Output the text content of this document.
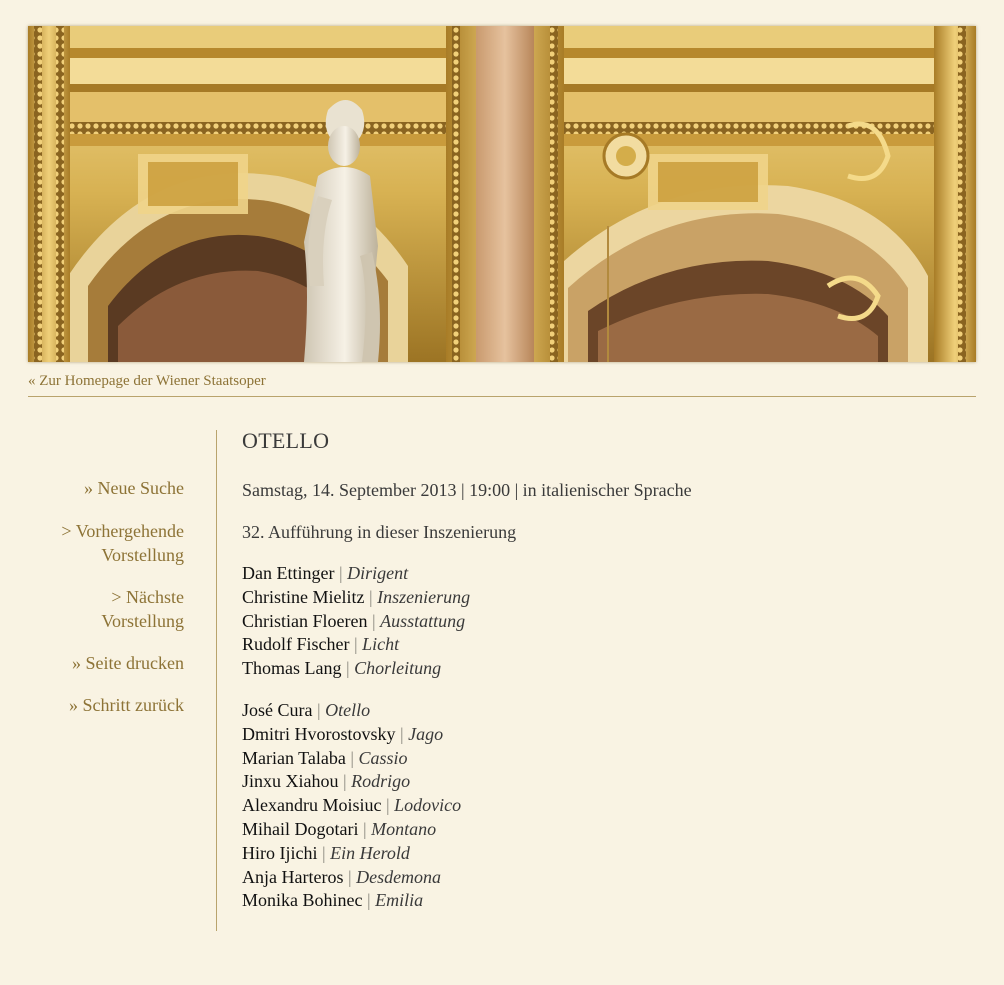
« Zur Homepage der Wiener Staatsoper
» Neue Suche
> Vorhergehende
Vorstellung
> Nächste
Vorstellung
» Seite drucken
» Schritt zurück
OTELLO
Samstag, 14. September 2013 | 19:00 | in italienischer Sprache
32. Aufführung in dieser Inszenierung
Dan Ettinger | Dirigent
Christine Mielitz | Inszenierung
Christian Floeren | Ausstattung
Rudolf Fischer | Licht
Thomas Lang | Chorleitung
José Cura | Otello
Dmitri Hvorostovsky | Jago
Marian Talaba | Cassio
Jinxu Xiahou | Rodrigo
Alexandru Moisiuc | Lodovico
Mihail Dogotari | Montano
Hiro Ijichi | Ein Herold
Anja Harteros | Desdemona
Monika Bohinec | Emilia
